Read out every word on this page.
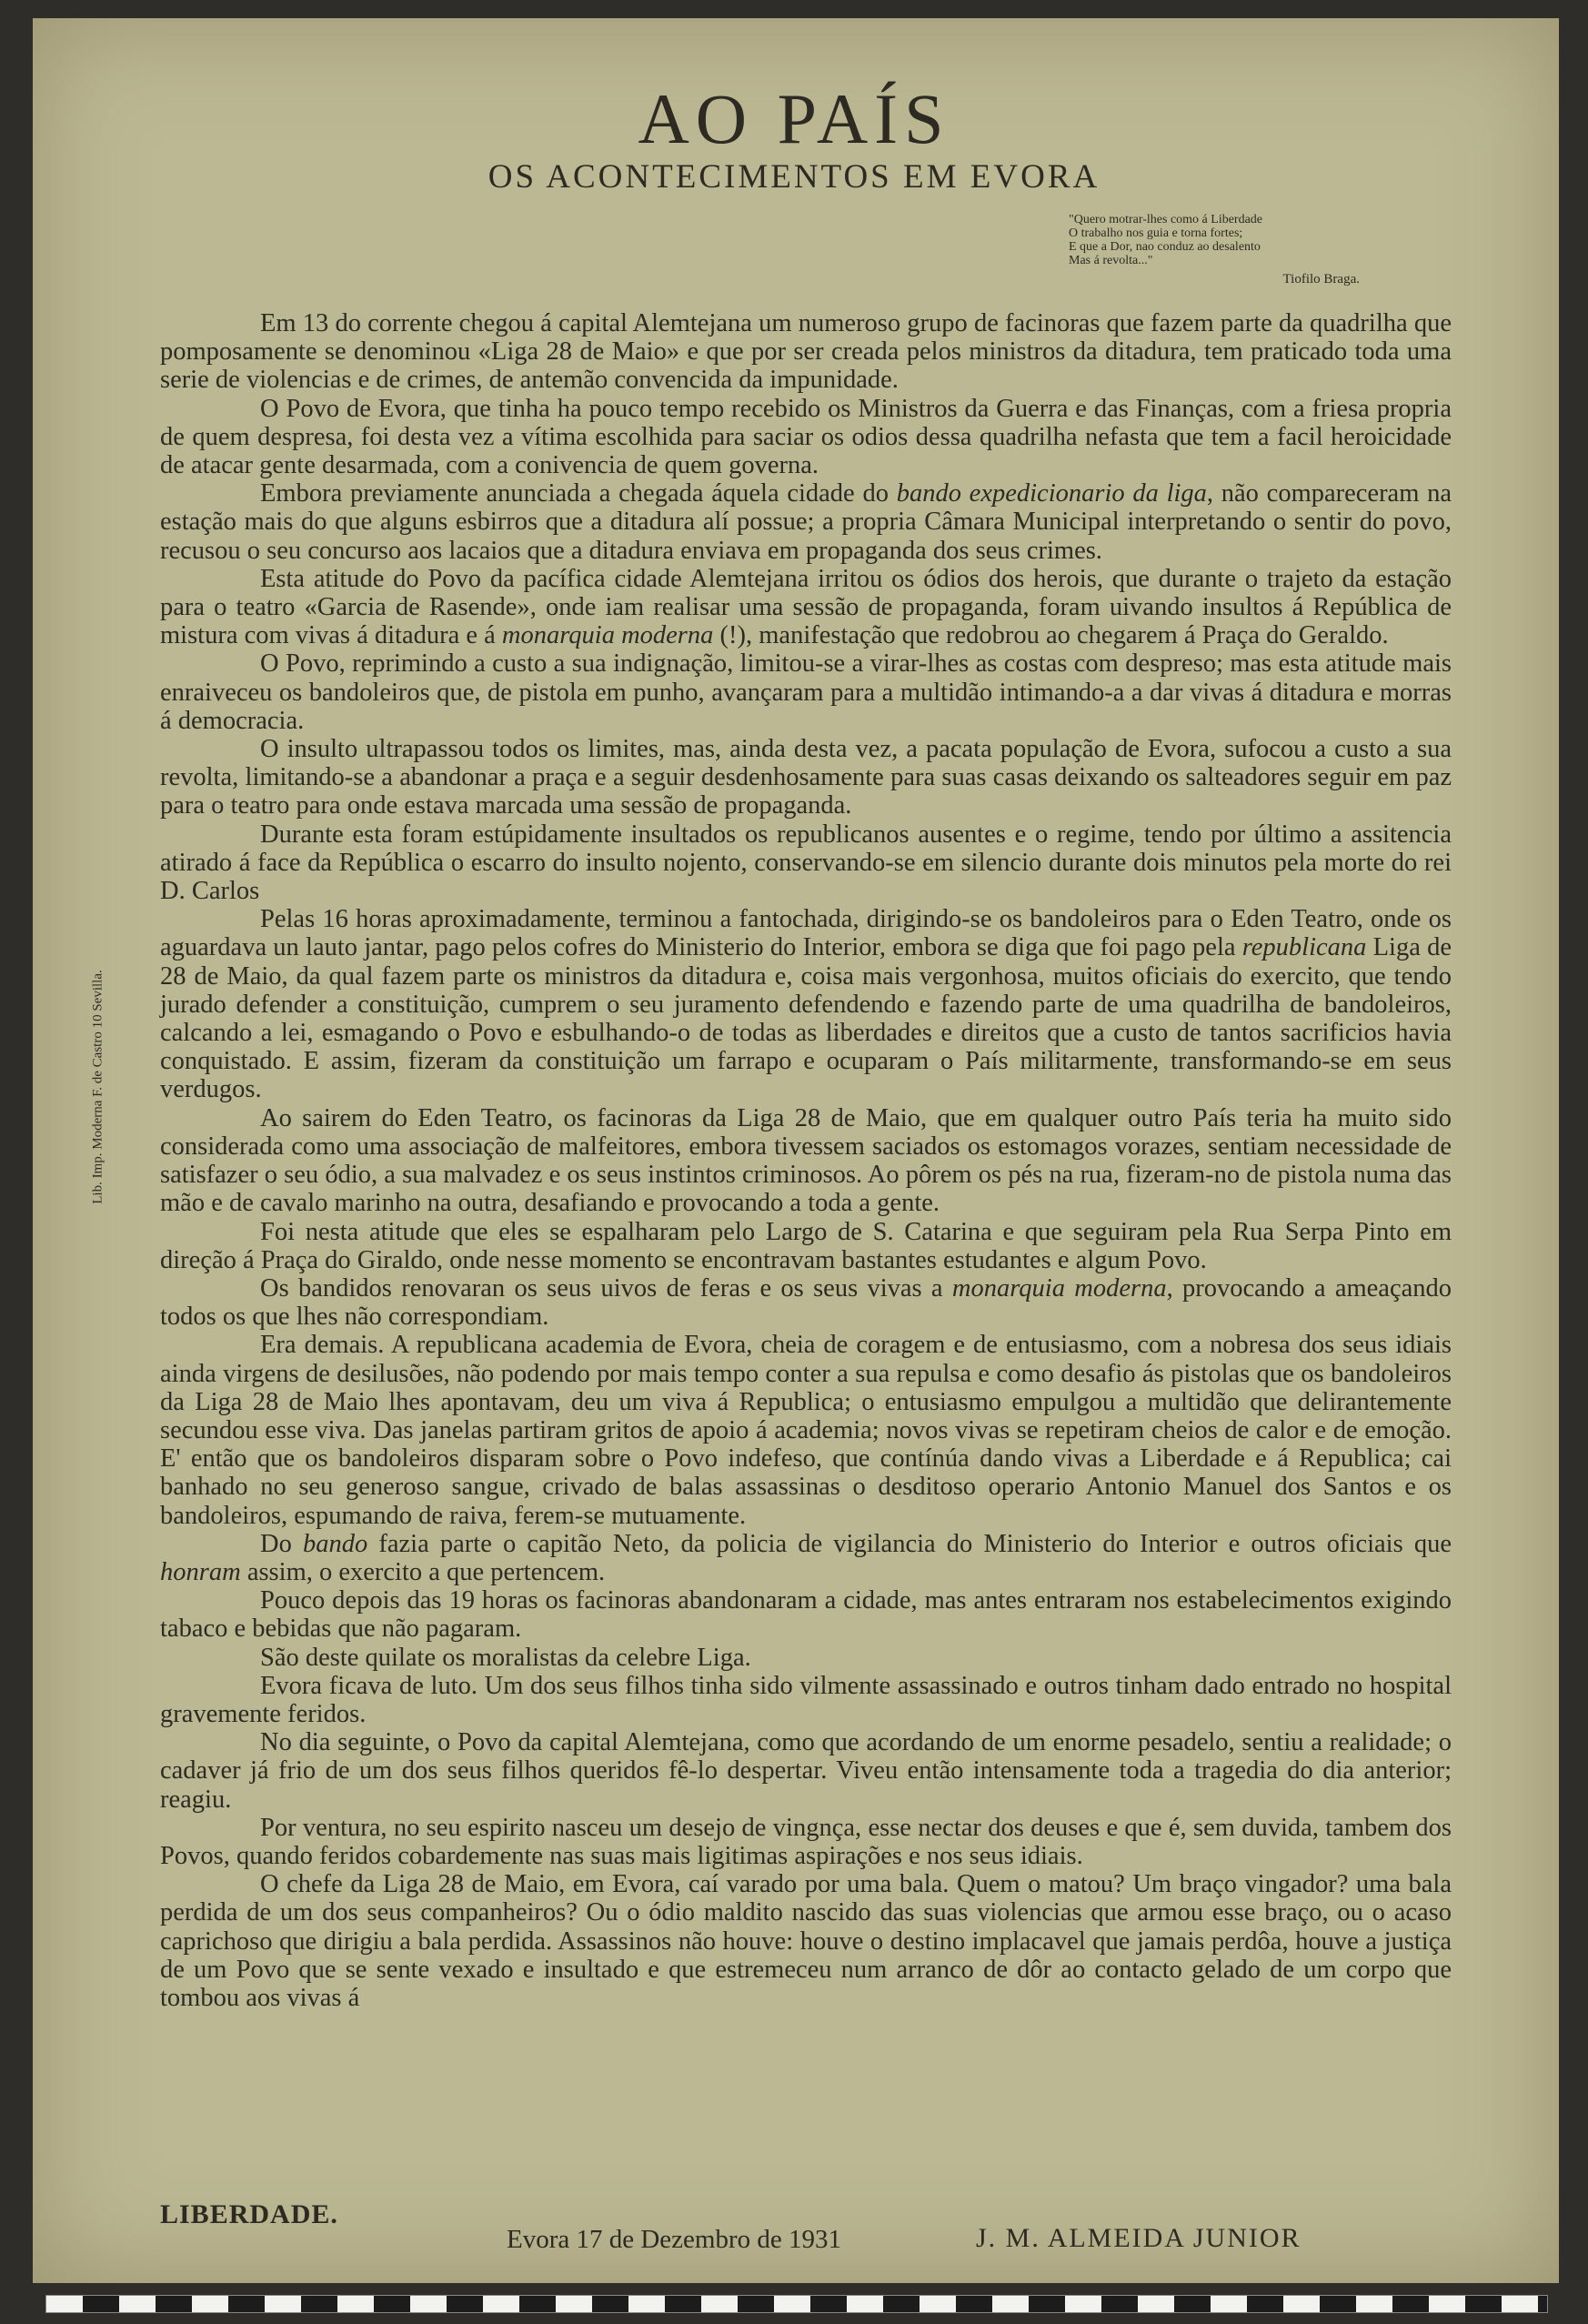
AO PAÍS
OS ACONTECIMENTOS EM EVORA
"Quero motrar-lhes como á Liberdade
O trabalho nos guia e torna fortes;
E que a Dor, nao conduz ao desalento
Mas á revolta..."
Tiofilo Braga.
Lib. Imp. Moderna F. de Castro 10 Sevilla.

Em 13 do corrente chegou á capital Alemtejana um numeroso grupo de facinoras que fazem parte da quadrilha que pomposamente se denominou «Liga 28 de Maio» e que por ser creada pelos ministros da ditadura, tem praticado toda uma serie de violencias e de crimes, de antemão convencida da impunidade.

O Povo de Evora, que tinha ha pouco tempo recebido os Ministros da Guerra e das Finanças, com a friesa propria de quem despresa, foi desta vez a vítima escolhida para saciar os odios dessa quadrilha nefasta que tem a facil heroicidade de atacar gente desarmada, com a conivencia de quem governa.

Embora previamente anunciada a chegada áquela cidade do bando expedicionario da liga, não compareceram na estação mais do que alguns esbirros que a ditadura alí possue; a propria Câmara Municipal interpretando o sentir do povo, recusou o seu concurso aos lacaios que a ditadura enviava em propaganda dos seus crimes.

Esta atitude do Povo da pacífica cidade Alemtejana irritou os ódios dos herois, que durante o trajeto da estação para o teatro «Garcia de Rasende», onde iam realisar uma sessão de propaganda, foram uivando insultos á República de mistura com vivas á ditadura e á monarquia moderna (!), manifestação que redobrou ao chegarem á Praça do Geraldo.

O Povo, reprimindo a custo a sua indignação, limitou-se a virar-lhes as costas com despreso; mas esta atitude mais enraiveceu os bandoleiros que, de pistola em punho, avançaram para a multidão intimando-a a dar vivas á ditadura e morras á democracia.

O insulto ultrapassou todos os limites, mas, ainda desta vez, a pacata população de Evora, sufocou a custo a sua revolta, limitando-se a abandonar a praça e a seguir desdenhosamente para suas casas deixando os salteadores seguir em paz para o teatro para onde estava marcada uma sessão de propaganda.

Durante esta foram estúpidamente insultados os republicanos ausentes e o regime, tendo por último a assitencia atirado á face da República o escarro do insulto nojento, conservando-se em silencio durante dois minutos pela morte do rei D. Carlos

Pelas 16 horas aproximadamente, terminou a fantochada, dirigindo-se os bandoleiros para o Eden Teatro, onde os aguardava un lauto jantar, pago pelos cofres do Ministerio do Interior, embora se diga que foi pago pela republicana Liga de 28 de Maio, da qual fazem parte os ministros da ditadura e, coisa mais vergonhosa, muitos oficiais do exercito, que tendo jurado defender a constituição, cumprem o seu juramento defendendo e fazendo parte de uma quadrilha de bandoleiros, calcando a lei, esmagando o Povo e esbulhando-o de todas as liberdades e direitos que a custo de tantos sacrificios havia conquistado. E assim, fizeram da constituição um farrapo e ocuparam o País militarmente, transformando-se em seus verdugos.

Ao sairem do Eden Teatro, os facinoras da Liga 28 de Maio, que em qualquer outro País teria ha muito sido considerada como uma associação de malfeitores, embora tivessem saciados os estomagos vorazes, sentiam necessidade de satisfazer o seu ódio, a sua malvadez e os seus instintos criminosos. Ao pôrem os pés na rua, fizeram-no de pistola numa das mão e de cavalo marinho na outra, desafiando e provocando a toda a gente.

Foi nesta atitude que eles se espalharam pelo Largo de S. Catarina e que seguiram pela Rua Serpa Pinto em direção á Praça do Giraldo, onde nesse momento se encontravam bastantes estudantes e algum Povo.

Os bandidos renovaran os seus uivos de feras e os seus vivas a monarquia moderna, provocando a ameaçando todos os que lhes não correspondiam.

Era demais. A republicana academia de Evora, cheia de coragem e de entusiasmo, com a nobresa dos seus idiais ainda virgens de desilusões, não podendo por mais tempo conter a sua repulsa e como desafio ás pistolas que os bandoleiros da Liga 28 de Maio lhes apontavam, deu um viva á Republica; o entusiasmo empulgou a multidão que delirantemente secundou esse viva. Das janelas partiram gritos de apoio á academia; novos vivas se repetiram cheios de calor e de emoção. E' então que os bandoleiros disparam sobre o Povo indefeso, que contínúa dando vivas a Liberdade e á Republica; cai banhado no seu generoso sangue, crivado de balas assassinas o desditoso operario Antonio Manuel dos Santos e os bandoleiros, espumando de raiva, ferem-se mutuamente.

Do bando fazia parte o capitão Neto, da policia de vigilancia do Ministerio do Interior e outros oficiais que honram assim, o exercito a que pertencem.

Pouco depois das 19 horas os facinoras abandonaram a cidade, mas antes entraram nos estabelecimentos exigindo tabaco e bebidas que não pagaram.

São deste quilate os moralistas da celebre Liga.

Evora ficava de luto. Um dos seus filhos tinha sido vilmente assassinado e outros tinham dado entrado no hospital gravemente feridos.

No dia seguinte, o Povo da capital Alemtejana, como que acordando de um enorme pesadelo, sentiu a realidade; o cadaver já frio de um dos seus filhos queridos fê-lo despertar. Viveu então intensamente toda a tragedia do dia anterior; reagiu.

Por ventura, no seu espirito nasceu um desejo de vingnça, esse nectar dos deuses e que é, sem duvida, tambem dos Povos, quando feridos cobardemente nas suas mais ligitimas aspirações e nos seus idiais.

O chefe da Liga 28 de Maio, em Evora, caí varado por uma bala. Quem o matou? Um braço vingador? uma bala perdida de um dos seus companheiros? Ou o ódio maldito nascido das suas violencias que armou esse braço, ou o acaso caprichoso que dirigiu a bala perdida. Assassinos não houve: houve o destino implacavel que jamais perdôa, houve a justiça de um Povo que se sente vexado e insultado e que estremeceu num arranco de dôr ao contacto gelado de um corpo que tombou aos vivas á

LIBERDADE.
Evora 17 de Dezembro de 1931	J. M. ALMEIDA JUNIOR
